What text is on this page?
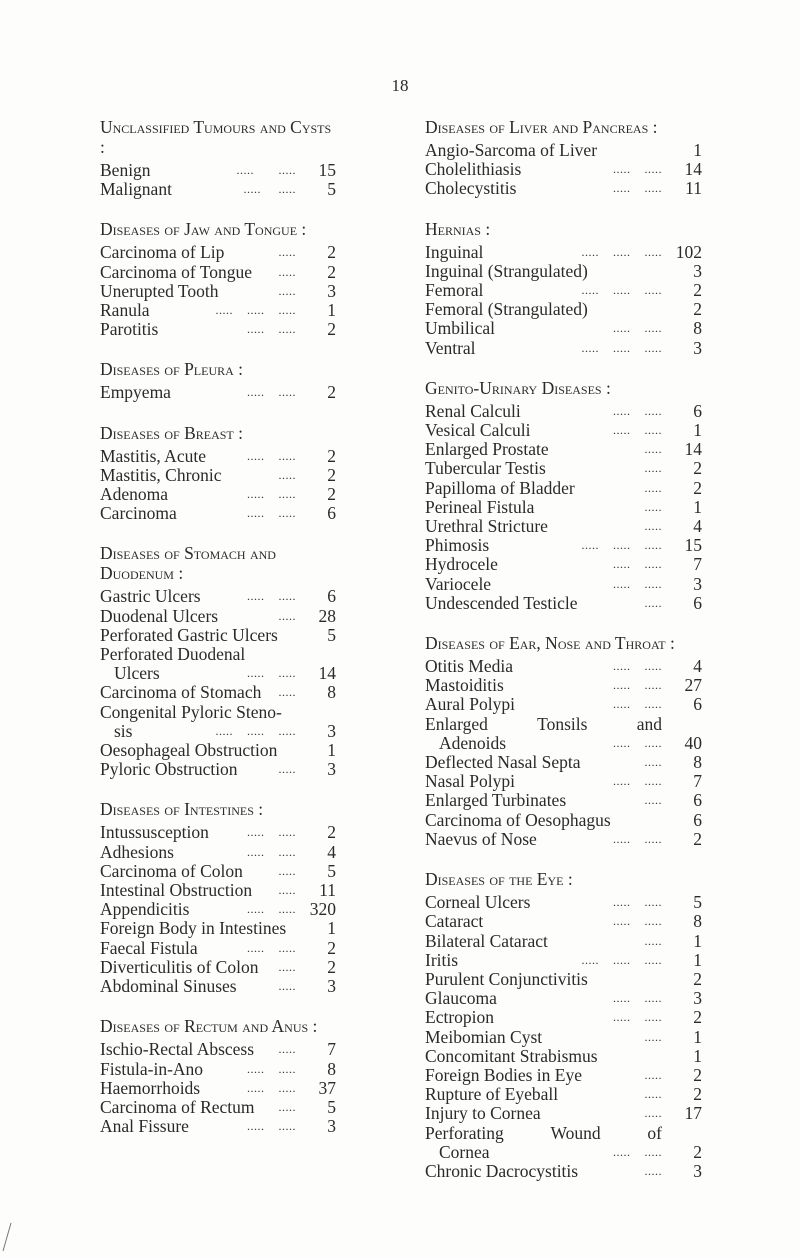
18
Unclassified Tumours and Cysts :
Benign	.....       .....	15
Malignant	.....     .....	5
Diseases of Jaw and Tongue :
Carcinoma of Lip	.....	2
Carcinoma of Tongue	.....	2
Unerupted Tooth	.....	3
Ranula	.....    .....    .....	1
Parotitis	.....    .....	2
Diseases of Pleura :
Empyema	.....    .....	2
Diseases of Breast :
Mastitis, Acute	.....    .....	2
Mastitis, Chronic	.....	2
Adenoma	.....    .....	2
Carcinoma	.....    .....	6
Diseases of Stomach and Duodenum :
Gastric Ulcers	.....    .....	6
Duodenal Ulcers	.....	28
Perforated Gastric Ulcers	5
Perforated Duodenal
Ulcers	.....    .....	14
Carcinoma of Stomach .....	8
Congenital Pyloric Steno-
sis	.....    .....    .....	3
Oesophageal Obstruction	1
Pyloric Obstruction	.....	3
Diseases of Intestines :
Intussusception	.....    .....	2
Adhesions	.....    .....	4
Carcinoma of Colon	.....	5
Intestinal Obstruction	.....	11
Appendicitis	.....    ..... 320
Foreign Body in Intestines	1
Faecal Fistula	.....    .....	2
Diverticulitis of Colon	.....	2
Abdominal Sinuses	.....	3
Diseases of Rectum and Anus :
Ischio-Rectal Abscess	.....	7
Fistula-in-Ano	.....    .....	8
Haemorrhoids	.....    .....	37
Carcinoma of Rectum	.....	5
Anal Fissure	.....    .....	3
Diseases of Liver and Pancreas :
Angio-Sarcoma of Liver	1
Cholelithiasis	.....    .....	14
Cholecystitis	.....    .....	11
Hernias :
Inguinal	.....    .....    ..... 102
Inguinal (Strangulated)	3
Femoral	.....    .....    .....	2
Femoral (Strangulated)	2
Umbilical	.....    .....	8
Ventral	.....    .....    .....	3
Genito-Urinary Diseases :
Renal Calculi	.....    .....	6
Vesical Calculi	.....    .....	1
Enlarged Prostate	.....	14
Tubercular Testis	.....	2
Papilloma of Bladder	.....	2
Perineal Fistula	.....	1
Urethral Stricture	.....	4
Phimosis	.....    .....    .....	15
Hydrocele	.....    .....	7
Variocele	.....    .....	3
Undescended Testicle	.....	6
Diseases of Ear, Nose and Throat :
Otitis Media	.....    .....	4
Mastoiditis	.....    .....	27
Aural Polypi	.....    .....	6
Enlarged	Tonsils	and
Adenoids	.....    .....	40
Deflected Nasal Septa	.....	8
Nasal Polypi	.....    .....	7
Enlarged Turbinates	.....	6
Carcinoma of Oesophagus	6
Naevus of Nose	.....    .....	2
Diseases of the Eye :
Corneal Ulcers	.....    .....	5
Cataract	.....    .....	8
Bilateral Cataract	.....	1
Iritis	.....    .....    .....	1
Purulent Conjunctivitis	2
Glaucoma	.....    .....	3
Ectropion	.....    .....	2
Meibomian Cyst	.....	1
Concomitant Strabismus	1
Foreign Bodies in Eye	.....	2
Rupture of Eyeball	.....	2
Injury to Cornea	.....	17
Perforating	Wound	of
Cornea	.....    .....	2
Chronic Dacrocystitis	.....	3
